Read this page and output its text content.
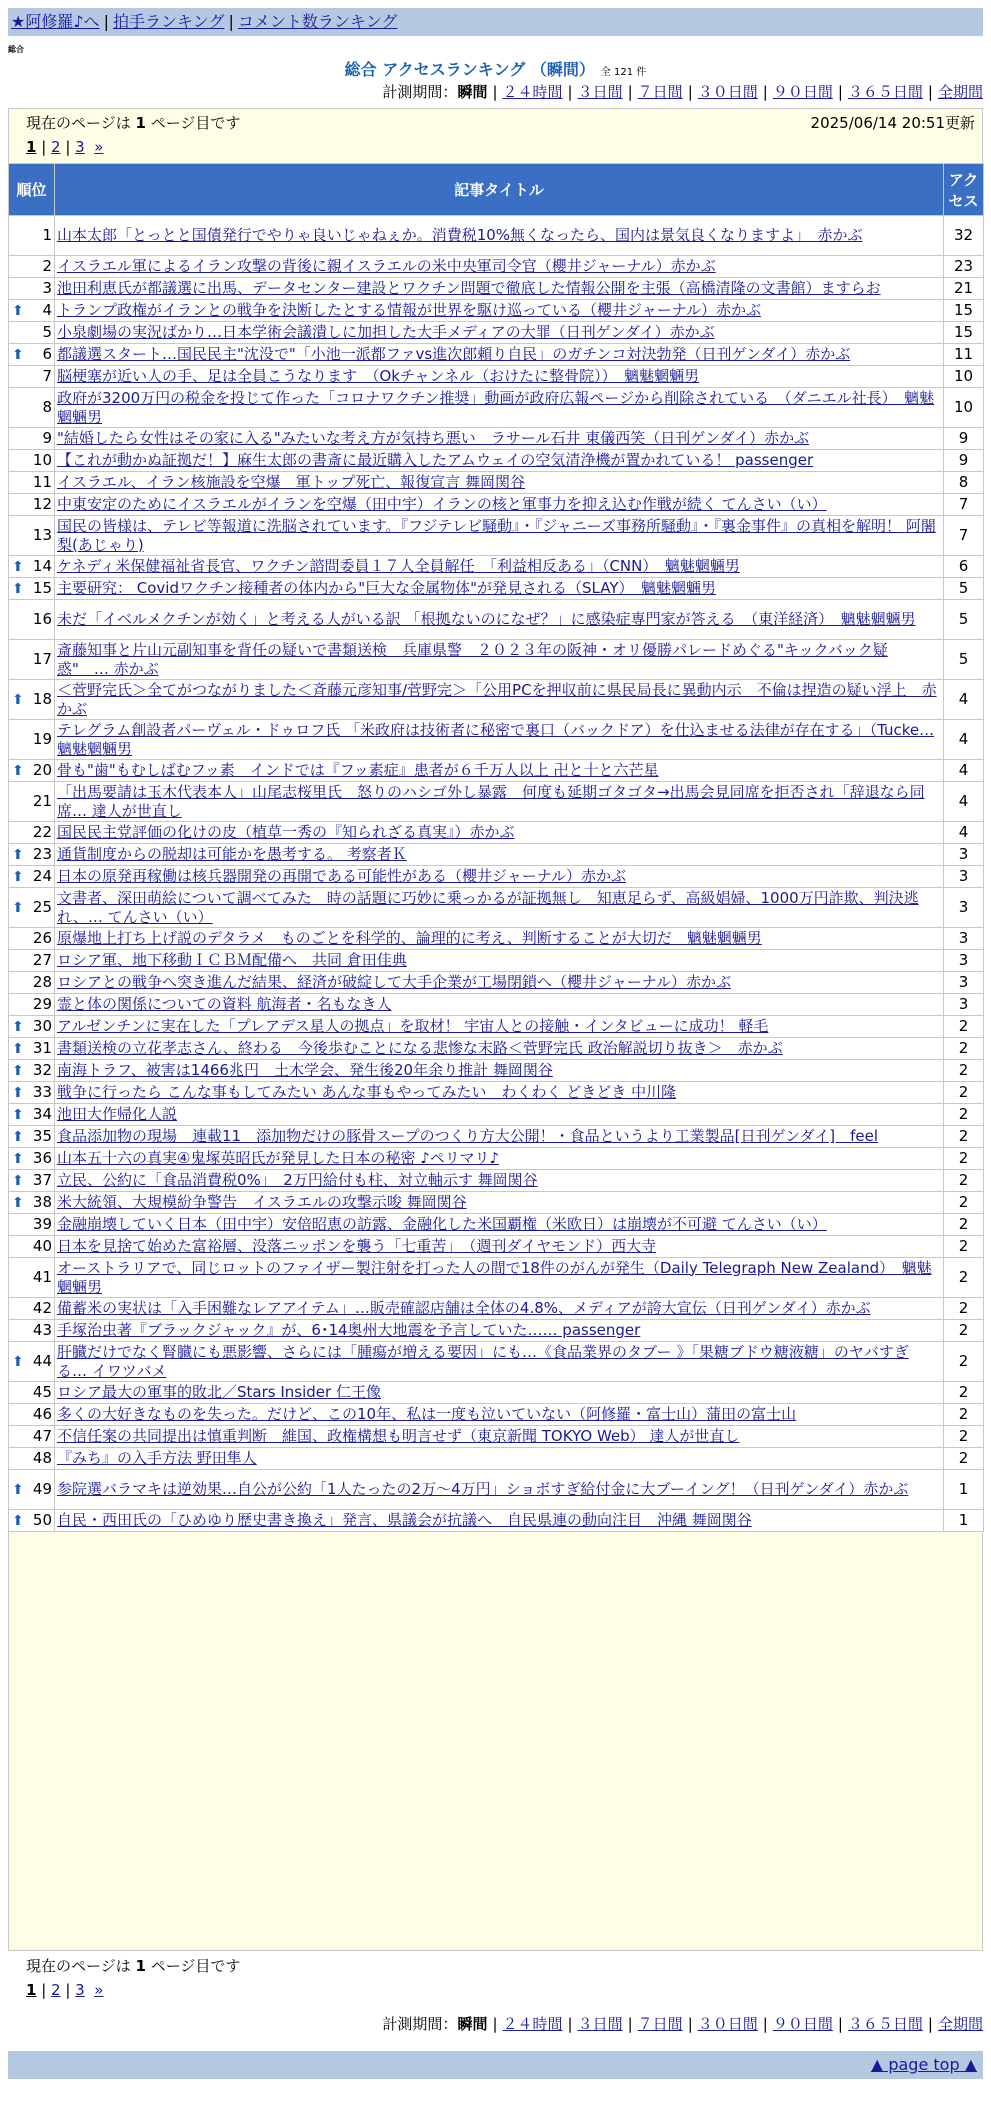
★阿修羅♪へ | 拍手ランキング | コメント数ランキング
総合
総合 アクセスランキング （瞬間） 全 121 件
計測期間：瞬間 | ２４時間 | ３日間 | ７日間 | ３０日間 | ９０日間 | ３６５日間 | 全期間
現在のページは 1 ページ目です	2025/06/14 20:51更新
1 | 2 | 3 »
順位	記事タイトル	アクセス
1	山本太郎「とっとと国債発行でやりゃ良いじゃねぇか。消費税10%無くなったら、国内は景気良くなりますよ」　赤かぶ	32
2	イスラエル軍によるイラン攻撃の背後に親イスラエルの米中央軍司令官（櫻井ジャーナル）赤かぶ	23
3	池田利恵氏が都議選に出馬、データセンター建設とワクチン問題で徹底した情報公開を主張（高橋清隆の文書館）ますらお	21

⬆ 4	トランプ政権がイランとの戦争を決断したとする情報が世界を駆け巡っている（櫻井ジャーナル）赤かぶ	15
5	小泉劇場の実況ばかり…日本学術会議潰しに加担した大手メディアの大罪（日刊ゲンダイ）赤かぶ	15

⬆ 6	都議選スタート…国民民主"沈没で"「小池一派都ファvs進次郎頼り自民」のガチンコ対決勃発（日刊ゲンダイ）赤かぶ	11
7	脳梗塞が近い人の手、足は全員こうなります　（Okチャンネル（おけたに整骨院））　魑魅魍魎男	10
8	政府が3200万円の税金を投じて作った「コロナワクチン推奨」動画が政府広報ページから削除されている　（ダニエル社長）　魑魅魍魎男	10
9	"結婚したら女性はその家に入る"みたいな考え方が気持ち悪い　ラサール石井 東儀西笑（日刊ゲンダイ）赤かぶ	9
10	【これが動かぬ証拠だ！】麻生太郎の書斎に最近購入したアムウェイの空気清浄機が置かれている！ passenger	9
11	イスラエル、イラン核施設を空爆　軍トップ死亡、報復宣言 舞岡関谷	8
12	中東安定のためにイスラエルがイランを空爆（田中宇）イランの核と軍事力を抑え込む作戦が続く てんさい（い）	7
13	国民の皆様は、テレビ等報道に洗脳されています。『フジテレビ騒動』・『ジャニーズ事務所騒動』・『裏金事件』の真相を解明！ 阿闍梨(あじゃり)	7

⬆ 14	ケネディ米保健福祉省長官、ワクチン諮問委員１７人全員解任　「利益相反ある」（CNN）　魑魅魍魎男	6

⬆ 15	主要研究： Covidワクチン接種者の体内から"巨大な金属物体"が発見される（SLAY）　魑魅魍魎男	5
16	未だ「イベルメクチンが効く」と考える人がいる訳 「根拠ないのになぜ？」に感染症専門家が答える　（東洋経済）　魑魅魍魎男	5
17	斎藤知事と片山元副知事を背任の疑いで書類送検　兵庫県警　２０２３年の阪神・オリ優勝パレードめぐる"キックバック疑惑"　… 赤かぶ	5

⬆ 18	＜菅野完氏＞全てがつながりました＜斉藤元彦知事/菅野完＞「公用PCを押収前に県民局長に異動内示　不倫は捏造の疑い浮上　赤かぶ	4
19	テレグラム創設者パーヴェル・ドゥロフ氏 「米政府は技術者に秘密で裏口（バックドア）を仕込ませる法律が存在する」（Tucke… 魑魅魍魎男	4

⬆ 20	骨も"歯"もむしばむフッ素　インドでは『フッ素症』患者が６千万人以上 卍と十と六芒星	4
21	「出馬要請は玉木代表本人」山尾志桜里氏　怒りのハシゴ外し暴露　何度も延期ゴタゴタ→出馬会見同席を拒否され「辞退なら同席… 達人が世直し	4
22	国民民主党評価の化けの皮（植草一秀の『知られざる真実』）赤かぶ	4

⬆ 23	通貨制度からの脱却は可能かを愚考する。 考察者Ｋ	3

⬆ 24	日本の原発再稼働は核兵器開発の再開である可能性がある（櫻井ジャーナル）赤かぶ	3

⬆ 25	文書者、深田萌絵について調べてみた　時の話題に巧妙に乗っかるが証拠無し　知恵足らず、高級娼婦、1000万円詐欺、判決逃れ、… てんさい（い）	3
26	原爆地上打ち上げ説のデタラメ　ものごとを科学的、論理的に考え、判断することが大切だ　魑魅魍魎男	3
27	ロシア軍、地下移動ＩＣＢＭ配備へ　共同 倉田佳典	3
28	ロシアとの戦争へ突き進んだ結果、経済が破綻して大手企業が工場閉鎖へ（櫻井ジャーナル）赤かぶ	3
29	霊と体の関係についての資料 航海者・名もなき人	3

⬆ 30	アルゼンチンに実在した「プレアデス星人の拠点」を取材！ 宇宙人との接触・インタビューに成功！ 軽毛	2

⬆ 31	書類送検の立花孝志さん、終わる　今後歩むことになる悲惨な末路＜菅野完氏 政治解説切り抜き＞　赤かぶ	2

⬆ 32	南海トラフ、被害は1466兆円　土木学会、発生後20年余り推計 舞岡関谷	2

⬆ 33	戦争に行ったら こんな事もしてみたい あんな事もやってみたい＿わくわく どきどき 中川隆	2

⬆ 34	池田大作帰化人説	2

⬆ 35	食品添加物の現場　連載11　添加物だけの豚骨スープのつくり方大公開！・食品というより工業製品[日刊ゲンダイ]　feel	2

⬆ 36	山本五十六の真実④鬼塚英昭氏が発見した日本の秘密 ♪ペリマリ♪	2

⬆ 37	立民、公約に「食品消費税0%」　2万円給付も柱、対立軸示す 舞岡関谷	2

⬆ 38	米大統領、大規模紛争警告　イスラエルの攻撃示唆 舞岡関谷	2
39	金融崩壊していく日本（田中宇）安倍昭恵の訪露、金融化した米国覇権（米欧日）は崩壊が不可避 てんさい（い）	2
40	日本を見捨て始めた富裕層、没落ニッポンを襲う「七重苦」　（週刊ダイヤモンド）西大寺	2
41	オーストラリアで、同じロットのファイザー製注射を打った人の間で18件のがんが発生（Daily Telegraph New Zealand）　魑魅魍魎男	2
42	備蓄米の実状は「入手困難なレアアイテム」…販売確認店舗は全体の4.8%、メディアが誇大宣伝（日刊ゲンダイ）赤かぶ	2
43	手塚治虫著『ブラックジャック』が、6･14奥州大地震を予言していた…… passenger	2

⬆ 44	肝臓だけでなく腎臓にも悪影響、さらには「腫瘍が増える要因」にも…《食品業界のタブー 》「果糖ブドウ糖液糖」のヤバすぎる… イワツバメ	2
45	ロシア最大の軍事的敗北／Stars Insider 仁王像	2
46	多くの大好きなものを失った。だけど、この10年、私は一度も泣いていない（阿修羅・富士山）蒲田の富士山	2
47	不信任案の共同提出は慎重判断　維国、政権構想も明言せず（東京新聞 TOKYO Web） 達人が世直し	2
48	『みち』の入手方法 野田隼人	2

⬆ 49	参院選バラマキは逆効果…自公が公約「1人たったの2万〜4万円」ショボすぎ給付金に大ブーイング！（日刊ゲンダイ）赤かぶ	1

⬆ 50	自民・西田氏の「ひめゆり歴史書き換え」発言、県議会が抗議へ　自民県連の動向注目　沖縄 舞岡関谷	1
現在のページは 1 ページ目です
1 | 2 | 3 »
計測期間：瞬間 | ２４時間 | ３日間 | ７日間 | ３０日間 | ９０日間 | ３６５日間 | 全期間
▲ page top ▲
